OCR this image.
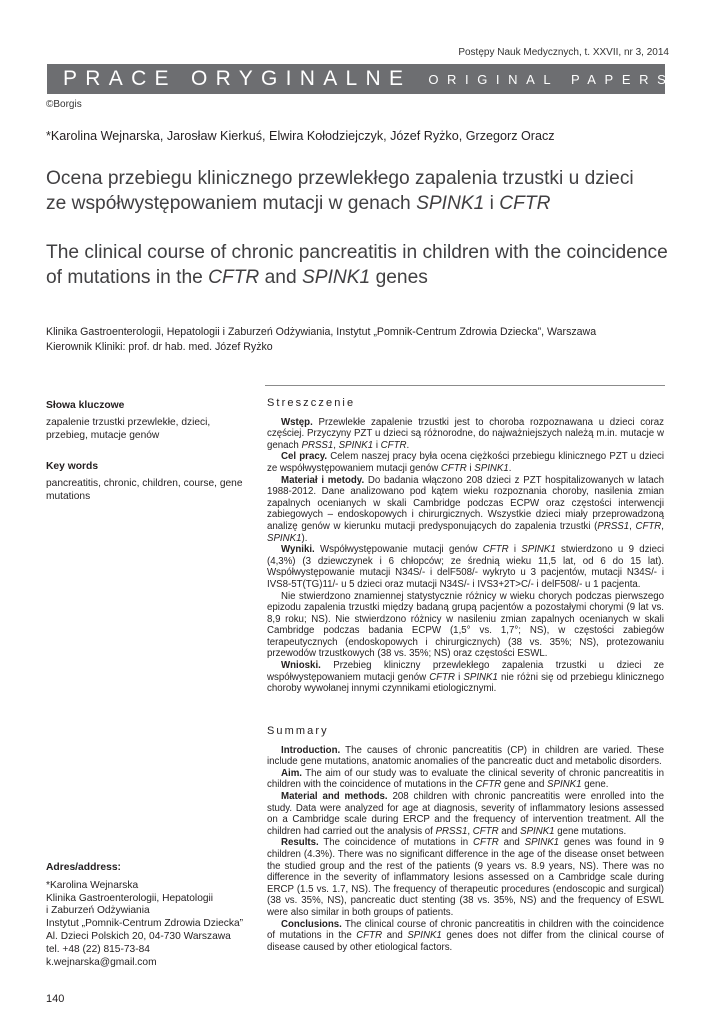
Postępy Nauk Medycznych, t. XXVII, nr 3, 2014
PRACE ORYGINALNE ORIGINAL PAPERS
©Borgis
*Karolina Wejnarska, Jarosław Kierkuś, Elwira Kołodziejczyk, Józef Ryżko, Grzegorz Oracz
Ocena przebiegu klinicznego przewlekłego zapalenia trzustki u dzieci
ze współwystępowaniem mutacji w genach SPINK1 i CFTR
The clinical course of chronic pancreatitis in children with the coincidence
of mutations in the CFTR and SPINK1 genes
Klinika Gastroenterologii, Hepatologii i Zaburzeń Odżywiania, Instytut „Pomnik-Centrum Zdrowia Dziecka”, Warszawa
Kierownik Kliniki: prof. dr hab. med. Józef Ryżko
Słowa kluczowe
zapalenie trzustki przewlekłe, dzieci, przebieg, mutacje genów
Key words
pancreatitis, chronic, children, course, gene mutations
Adres/address:
*Karolina Wejnarska
Klinika Gastroenterologii, Hepatologii
i Zaburzeń Odżywiania
Instytut „Pomnik-Centrum Zdrowia Dziecka”
Al. Dzieci Polskich 20, 04-730 Warszawa
tel. +48 (22) 815-73-84
k.wejnarska@gmail.com
Streszczenie

Wstęp. Przewlekłe zapalenie trzustki jest to choroba rozpoznawana u dzieci coraz częściej. Przyczyny PZT u dzieci są różnorodne, do najważniejszych należą m.in. mutacje w genach PRSS1, SPINK1 i CFTR.

Cel pracy. Celem naszej pracy była ocena ciężkości przebiegu klinicznego PZT u dzieci ze współwystępowaniem mutacji genów CFTR i SPINK1.

Materiał i metody. Do badania włączono 208 dzieci z PZT hospitalizowanych w latach 1988-2012. Dane analizowano pod kątem wieku rozpoznania choroby, nasilenia zmian zapalnych ocenianych w skali Cambridge podczas ECPW oraz częstości interwencji zabiegowych – endoskopowych i chirurgicznych. Wszystkie dzieci miały przeprowadzoną analizę genów w kierunku mutacji predysponujących do zapalenia trzustki (PRSS1, CFTR, SPINK1).

Wyniki. Współwystępowanie mutacji genów CFTR i SPINK1 stwierdzono u 9 dzieci (4,3%) (3 dziewczynek i 6 chłopców; ze średnią wieku 11,5 lat, od 6 do 15 lat). Współwystępowanie mutacji N34S/- i delF508/- wykryto u 3 pacjentów, mutacji N34S/- i IVS8-5T(TG)11/- u 5 dzieci oraz mutacji N34S/- i IVS3+2T>C/- i delF508/- u 1 pacjenta.

Nie stwierdzono znamiennej statystycznie różnicy w wieku chorych podczas pierwszego epizodu zapalenia trzustki między badaną grupą pacjentów a pozostałymi chorymi (9 lat vs. 8,9 roku; NS). Nie stwierdzono różnicy w nasileniu zmian zapalnych ocenianych w skali Cambridge podczas badania ECPW (1,5° vs. 1,7°; NS), w częstości zabiegów terapeutycznych (endoskopowych i chirurgicznych) (38 vs. 35%; NS), protezowaniu przewodów trzustkowych (38 vs. 35%; NS) oraz częstości ESWL.

Wnioski. Przebieg kliniczny przewlekłego zapalenia trzustki u dzieci ze współwystępowaniem mutacji genów CFTR i SPINK1 nie różni się od przebiegu klinicznego choroby wywołanej innymi czynnikami etiologicznymi.

Summary

Introduction. The causes of chronic pancreatitis (CP) in children are varied. These include gene mutations, anatomic anomalies of the pancreatic duct and metabolic disorders.

Aim. The aim of our study was to evaluate the clinical severity of chronic pancreatitis in children with the coincidence of mutations in the CFTR gene and SPINK1 gene.

Material and methods. 208 children with chronic pancreatitis were enrolled into the study. Data were analyzed for age at diagnosis, severity of inflammatory lesions assessed on a Cambridge scale during ERCP and the frequency of intervention treatment. All the children had carried out the analysis of PRSS1, CFTR and SPINK1 gene mutations.

Results. The coincidence of mutations in CFTR and SPINK1 genes was found in 9 children (4.3%). There was no significant difference in the age of the disease onset between the studied group and the rest of the patients (9 years vs. 8.9 years, NS). There was no difference in the severity of inflammatory lesions assessed on a Cambridge scale during ERCP (1.5 vs. 1.7, NS). The frequency of therapeutic procedures (endoscopic and surgical) (38 vs. 35%, NS), pancreatic duct stenting (38 vs. 35%, NS) and the frequency of ESWL were also similar in both groups of patients.

Conclusions. The clinical course of chronic pancreatitis in children with the coincidence of mutations in the CFTR and SPINK1 genes does not differ from the clinical course of disease caused by other etiological factors.

140
